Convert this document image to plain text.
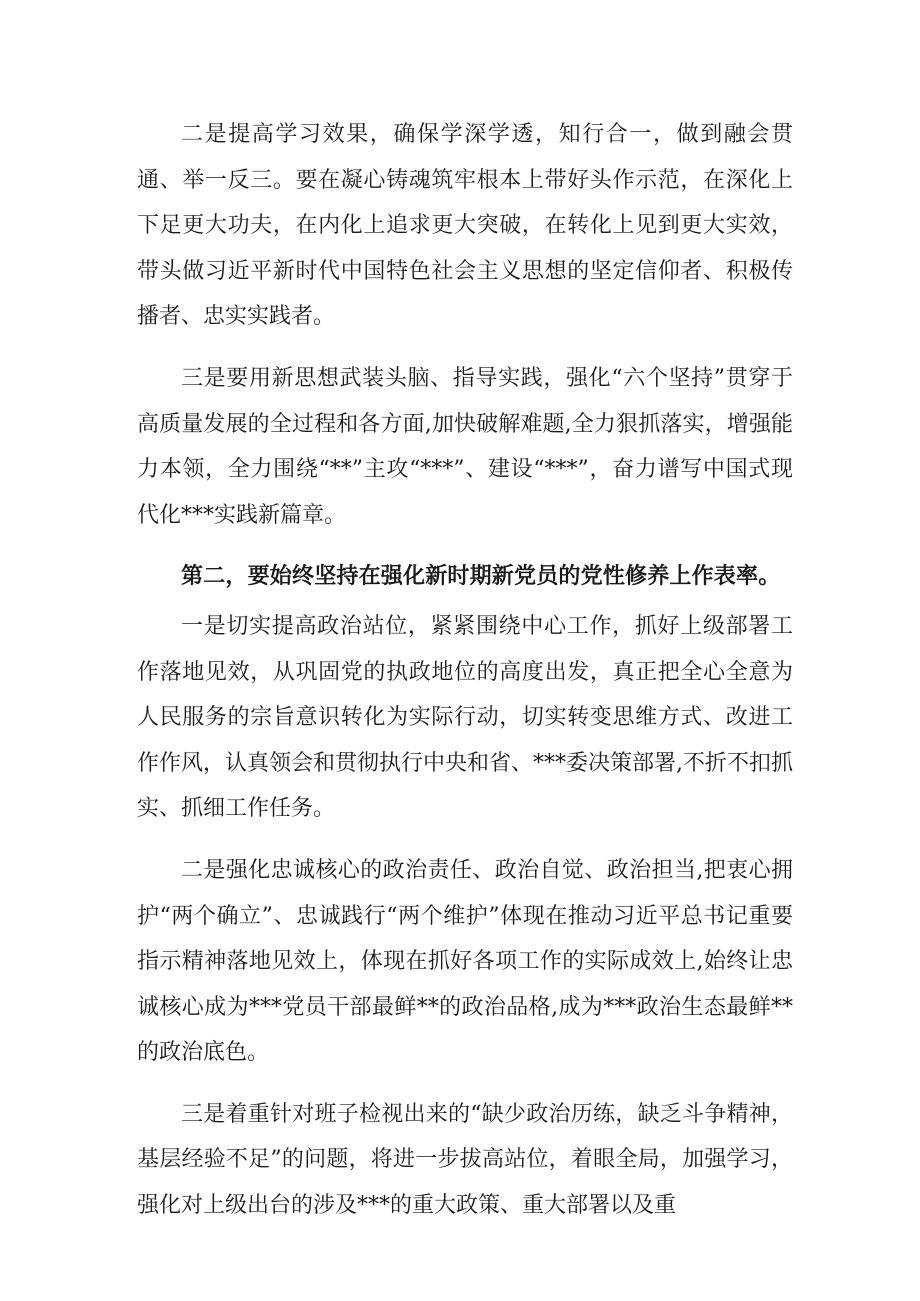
二是提高学习效果，确保学深学透，知行合一，做到融会贯通、举一反三。要在凝心铸魂筑牢根本上带好头作示范，在深化上下足更大功夫，在内化上追求更大突破，在转化上见到更大实效，带头做习近平新时代中国特色社会主义思想的坚定信仰者、积极传播者、忠实实践者。

三是要用新思想武装头脑、指导实践，强化“六个坚持”贯穿于高质量发展的全过程和各方面,加快破解难题,全力狠抓落实，增强能力本领，全力围绕“**”主攻“***”、建设“***”，奋力谱写中国式现代化***实践新篇章。

第二，要始终坚持在强化新时期新党员的党性修养上作表率。

一是切实提高政治站位，紧紧围绕中心工作，抓好上级部署工作落地见效，从巩固党的执政地位的高度出发，真正把全心全意为人民服务的宗旨意识转化为实际行动，切实转变思维方式、改进工作作风，认真领会和贯彻执行中央和省、***委决策部署,不折不扣抓实、抓细工作任务。

二是强化忠诚核心的政治责任、政治自觉、政治担当,把衷心拥护“两个确立”、忠诚践行“两个维护”体现在推动习近平总书记重要指示精神落地见效上，体现在抓好各项工作的实际成效上,始终让忠诚核心成为***党员干部最鲜**的政治品格,成为***政治生态最鲜**的政治底色。

三是着重针对班子检视出来的“缺少政治历练，缺乏斗争精神，基层经验不足”的问题，将进一步拔高站位，着眼全局，加强学习，强化对上级出台的涉及***的重大政策、重大部署以及重
